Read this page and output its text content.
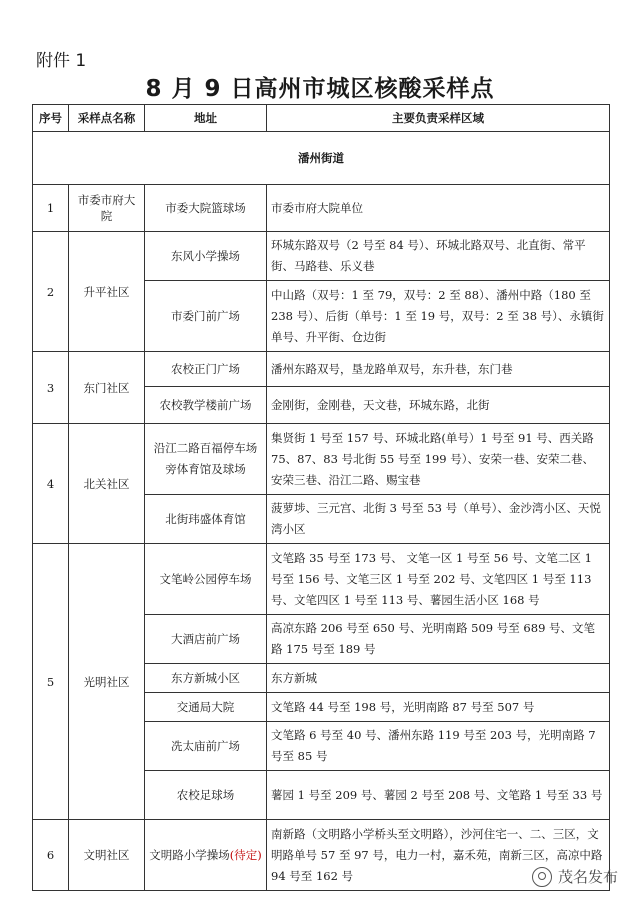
附件 1
8 月 9 日高州市城区核酸采样点
序号	采样点名称	地址	主要负责采样区域
潘州街道			
1	市委市府大院	市委大院篮球场	市委市府大院单位
2	升平社区	东风小学操场	环城东路双号（2 号至 84 号）、环城北路双号、北直街、常平街、马路巷、乐义巷
		市委门前广场	中山路（双号：1 至 79，双号：2 至 88）、潘州中路（180 至 238 号）、后街（单号：1 至 19 号，双号：2 至 38 号）、永镇街单号、升平街、仓边街
3	东门社区	农校正门广场	潘州东路双号，垦龙路单双号，东升巷，东门巷
		农校教学楼前广场	金刚街，金刚巷，天文巷，环城东路，北街
4	北关社区	沿江二路百福停车场旁体育馆及球场	集贤街 1 号至 157 号、环城北路(单号）1 号至 91 号、西关路 75、87、83 号北街 55 号至 199 号）、安荣一巷、安荣二巷、安荣三巷、沿江二路、赐宝巷
		北街玮盛体育馆	菠萝埗、三元宫、北街 3 号至 53 号（单号）、金沙湾小区、天悦湾小区
5	光明社区	文笔岭公园停车场	文笔路 35 号至 173 号、 文笔一区 1 号至 56 号、文笔二区 1 号至 156 号、文笔三区 1 号至 202 号、文笔四区 1 号至 113 号、文笔四区 1 号至 113 号、薯园生活小区 168 号
		大酒店前广场	高凉东路 206 号至 650 号、光明南路 509 号至 689 号、文笔路 175 号至 189 号
		东方新城小区	东方新城
		交通局大院	文笔路 44 号至 198 号，光明南路 87 号至 507 号
		冼太庙前广场	文笔路 6 号至 40 号、潘州东路 119 号至 203 号，光明南路 7 号至 85 号
		农校足球场	薯园 1 号至 209 号、薯园 2 号至 208 号、文笔路 1 号至 33 号
6	文明社区	文明路小学操场(待定)	南新路（文明路小学桥头至文明路），沙河住宅一、二、三区，文明路单号 57 至 97 号，电力一村，嘉禾苑，南新三区，高凉中路 94 号至 162 号	茂名发布
